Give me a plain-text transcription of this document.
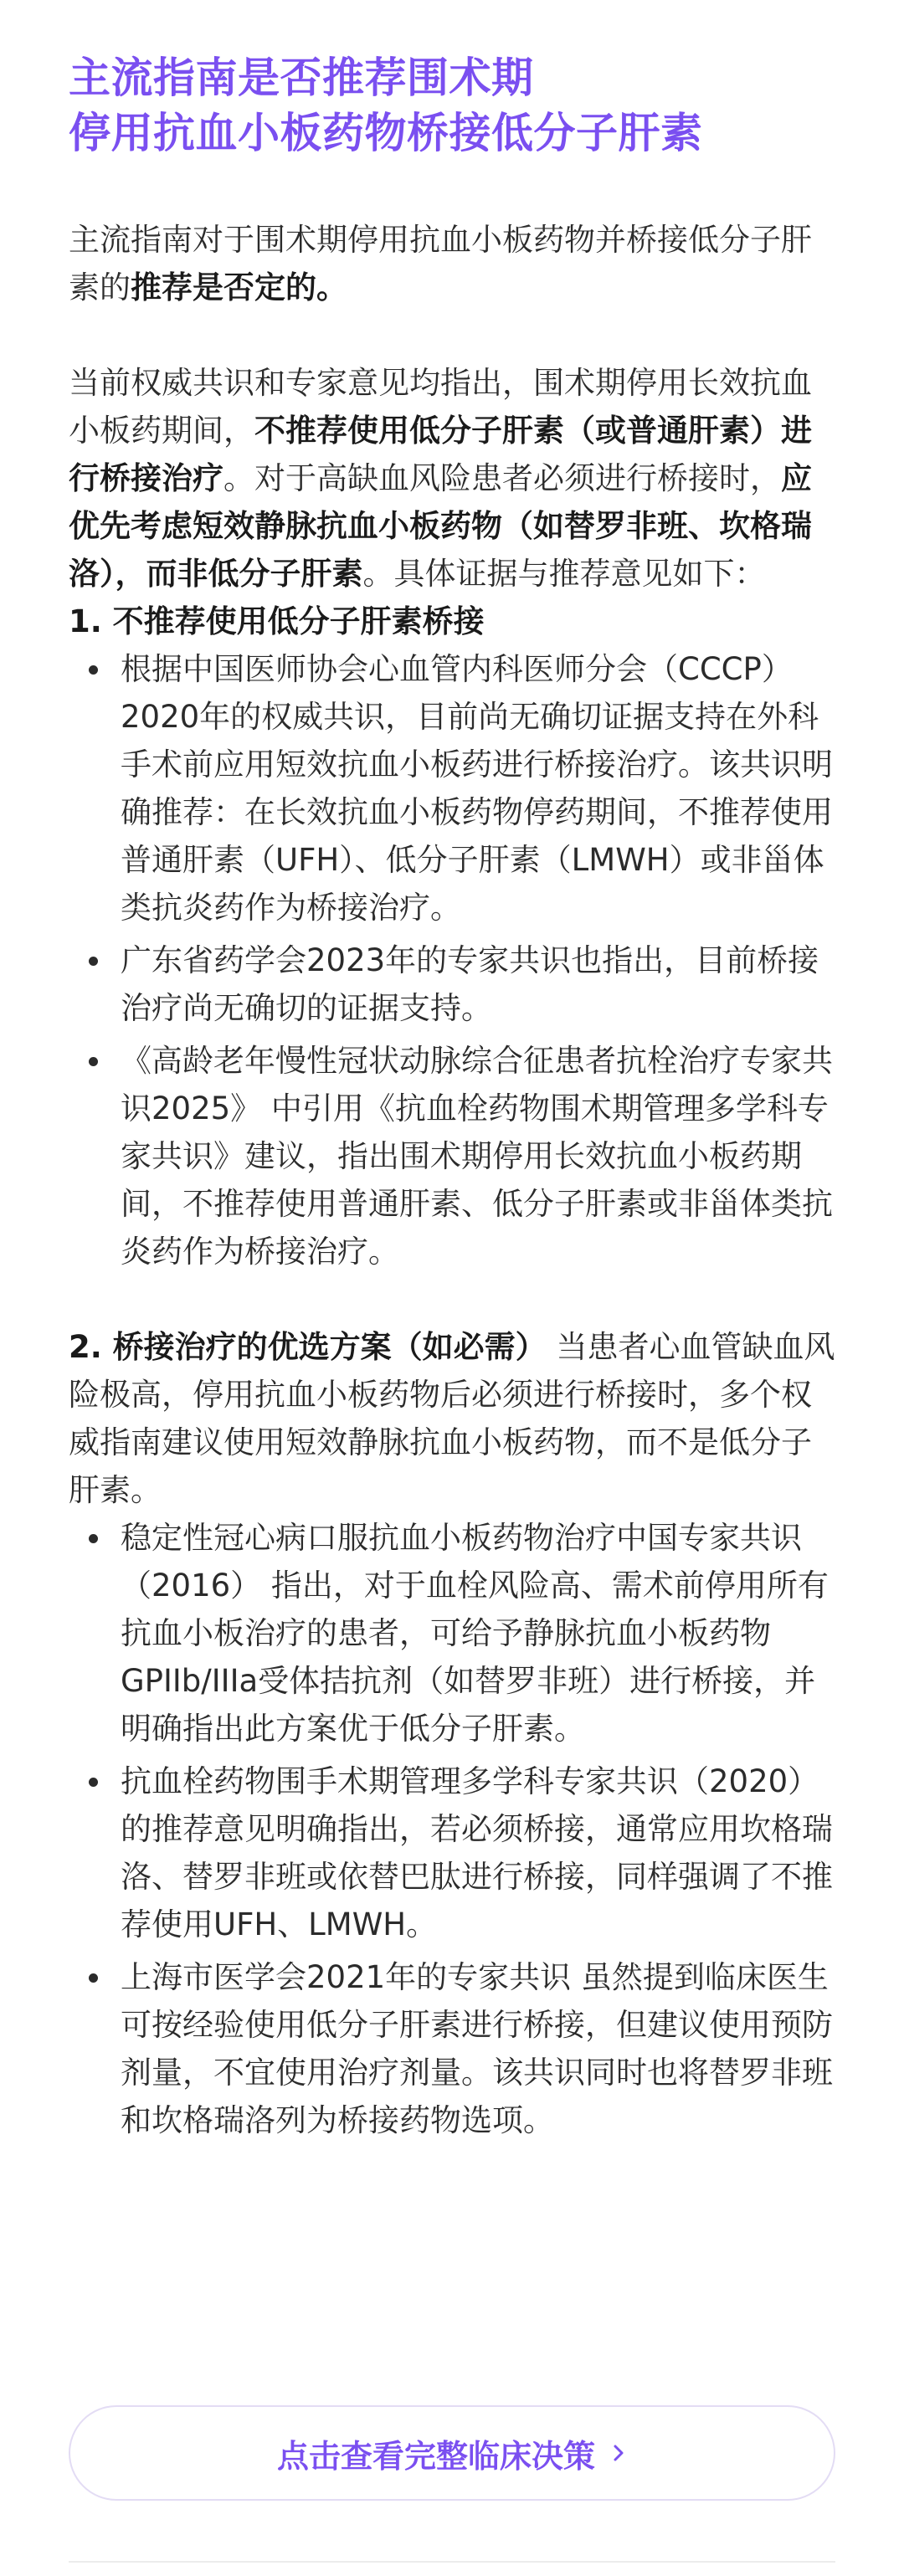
主流指南是否推荐围术期
停用抗血小板药物桥接低分子肝素

主流指南对于围术期停用抗血小板药物并桥接低分子肝素的推荐是否定的。

当前权威共识和专家意见均指出，围术期停用长效抗血小板药期间，不推荐使用低分子肝素（或普通肝素）进行桥接治疗。对于高缺血风险患者必须进行桥接时，应优先考虑短效静脉抗血小板药物（如替罗非班、坎格瑞洛），而非低分子肝素。具体证据与推荐意见如下：

1. 不推荐使用低分子肝素桥接
根据中国医师协会心血管内科医师分会（CCCP）2020年的权威共识，目前尚无确切证据支持在外科手术前应用短效抗血小板药进行桥接治疗。该共识明确推荐：在长效抗血小板药物停药期间，不推荐使用普通肝素（UFH）、低分子肝素（LMWH）或非甾体类抗炎药作为桥接治疗。
广东省药学会2023年的专家共识也指出，目前桥接治疗尚无确切的证据支持。
《高龄老年慢性冠状动脉综合征患者抗栓治疗专家共识2025》 中引用《抗血栓药物围术期管理多学科专家共识》建议，指出围术期停用长效抗血小板药期间，不推荐使用普通肝素、低分子肝素或非甾体类抗炎药作为桥接治疗。

2. 桥接治疗的优选方案（如必需） 当患者心血管缺血风险极高，停用抗血小板药物后必须进行桥接时，多个权威指南建议使用短效静脉抗血小板药物，而不是低分子肝素。

稳定性冠心病口服抗血小板药物治疗中国专家共识（2016） 指出，对于血栓风险高、需术前停用所有抗血小板治疗的患者，可给予静脉抗血小板药物GPIIb/IIIa受体拮抗剂（如替罗非班）进行桥接，并明确指出此方案优于低分子肝素。
抗血栓药物围手术期管理多学科专家共识（2020） 的推荐意见明确指出，若必须桥接，通常应用坎格瑞洛、替罗非班或依替巴肽进行桥接，同样强调了不推荐使用UFH、LMWH。
上海市医学会2021年的专家共识 虽然提到临床医生可按经验使用低分子肝素进行桥接，但建议使用预防剂量，不宜使用治疗剂量。该共识同时也将替罗非班和坎格瑞洛列为桥接药物选项。
点击查看完整临床决策
